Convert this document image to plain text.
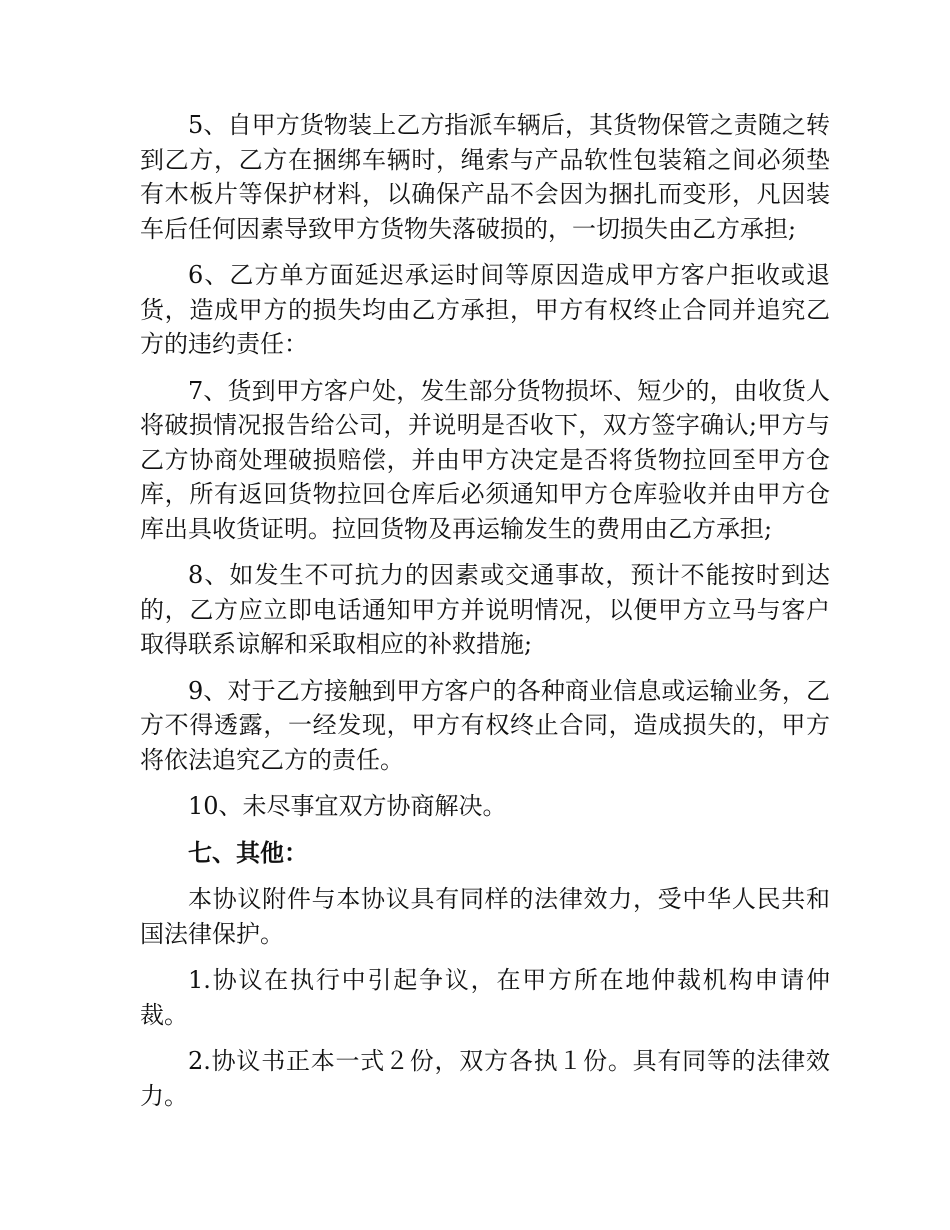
5、自甲方货物装上乙方指派车辆后，其货物保管之责随之转到乙方，乙方在捆绑车辆时，绳索与产品软性包装箱之间必须垫有木板片等保护材料，以确保产品不会因为捆扎而变形，凡因装车后任何因素导致甲方货物失落破损的，一切损失由乙方承担;

6、乙方单方面延迟承运时间等原因造成甲方客户拒收或退货，造成甲方的损失均由乙方承担，甲方有权终止合同并追究乙方的违约责任：

7、货到甲方客户处，发生部分货物损坏、短少的，由收货人将破损情况报告给公司，并说明是否收下，双方签字确认;甲方与乙方协商处理破损赔偿，并由甲方决定是否将货物拉回至甲方仓库，所有返回货物拉回仓库后必须通知甲方仓库验收并由甲方仓库出具收货证明。拉回货物及再运输发生的费用由乙方承担;

8、如发生不可抗力的因素或交通事故，预计不能按时到达的，乙方应立即电话通知甲方并说明情况，以便甲方立马与客户取得联系谅解和采取相应的补救措施;

9、对于乙方接触到甲方客户的各种商业信息或运输业务，乙方不得透露，一经发现，甲方有权终止合同，造成损失的，甲方将依法追究乙方的责任。

10、未尽事宜双方协商解决。

七、其他：

本协议附件与本协议具有同样的法律效力，受中华人民共和国法律保护。

1.协议在执行中引起争议，在甲方所在地仲裁机构申请仲裁。

2.协议书正本一式２份，双方各执１份。具有同等的法律效力。
